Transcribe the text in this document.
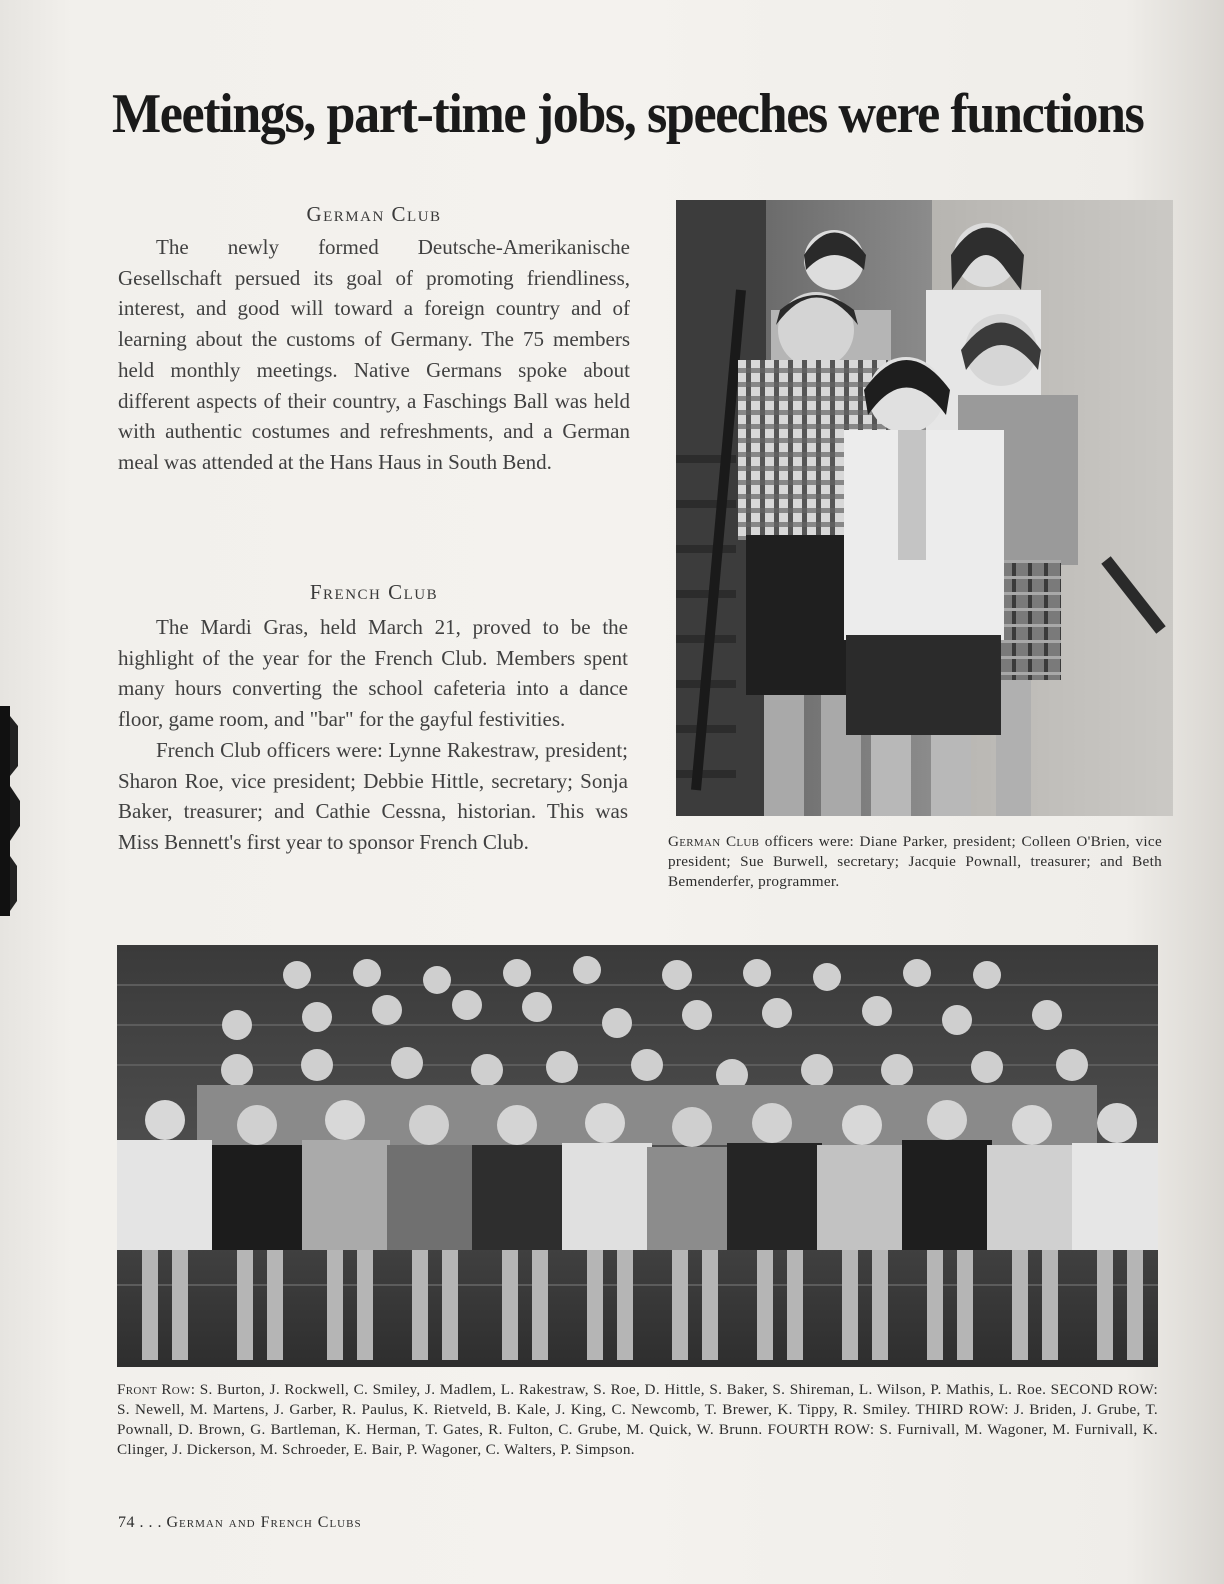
Meetings, part-time jobs, speeches were functions
German Club

The newly formed Deutsche-Amerikanische Gesellschaft persued its goal of promoting friendliness, interest, and good will toward a foreign country and of learning about the customs of Germany. The 75 members held monthly meetings. Native Germans spoke about different aspects of their country, a Faschings Ball was held with authentic costumes and refreshments, and a German meal was attended at the Hans Haus in South Bend.

French Club

The Mardi Gras, held March 21, proved to be the highlight of the year for the French Club. Members spent many hours converting the school cafeteria into a dance floor, game room, and "bar" for the gayful festivities.

French Club officers were: Lynne Rakestraw, president; Sharon Roe, vice president; Debbie Hittle, secretary; Sonja Baker, treasurer; and Cathie Cessna, historian. This was Miss Bennett's first year to sponsor French Club.	German Club officers were: Diane Parker, president; Colleen O'Brien, vice president; Sue Burwell, secretary; Jacquie Pownall, treasurer; and Beth Bemenderfer, programmer.
Front Row: S. Burton, J. Rockwell, C. Smiley, J. Madlem, L. Rakestraw, S. Roe, D. Hittle, S. Baker, S. Shireman, L. Wilson, P. Mathis, L. Roe. SECOND ROW: S. Newell, M. Martens, J. Garber, R. Paulus, K. Rietveld, B. Kale, J. King, C. Newcomb, T. Brewer, K. Tippy, R. Smiley. THIRD ROW: J. Briden, J. Grube, T. Pownall, D. Brown, G. Bartleman, K. Herman, T. Gates, R. Fulton, C. Grube, M. Quick, W. Brunn. FOURTH ROW: S. Furnivall, M. Wagoner, M. Furnivall, K. Clinger, J. Dickerson, M. Schroeder, E. Bair, P. Wagoner, C. Walters, P. Simpson.
74 . . . German and French Clubs
